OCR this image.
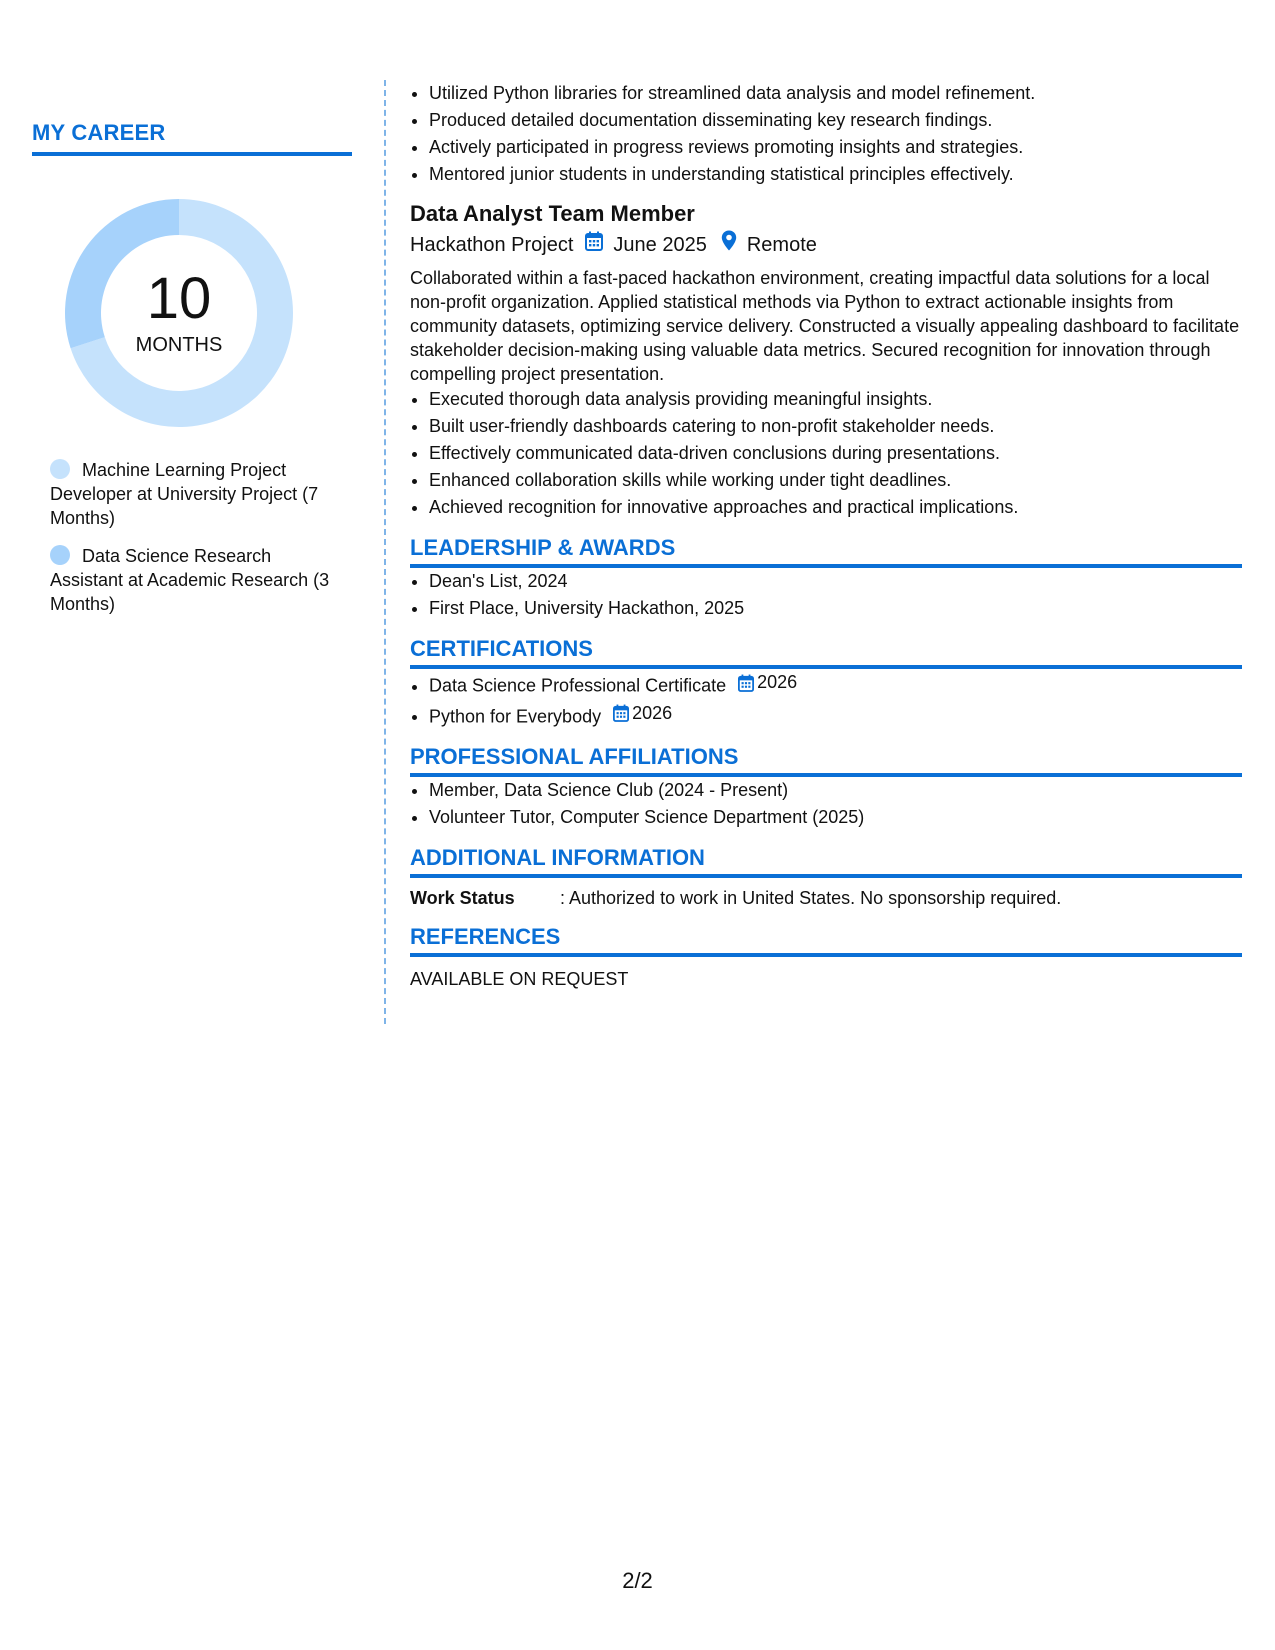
MY CAREER
10
MONTHS
Machine Learning Project Developer at University Project (7 Months)
Data Science Research Assistant at Academic Research (3 Months)
• Utilized Python libraries for streamlined data analysis and model refinement.
• Produced detailed documentation disseminating key research findings.
• Actively participated in progress reviews promoting insights and strategies.
• Mentored junior students in understanding statistical principles effectively.
Data Analyst Team Member
Hackathon Project June 2025 Remote
Collaborated within a fast-paced hackathon environment, creating impactful data solutions for a local non-profit organization. Applied statistical methods via Python to extract actionable insights from community datasets, optimizing service delivery. Constructed a visually appealing dashboard to facilitate stakeholder decision-making using valuable data metrics. Secured recognition for innovation through compelling project presentation.
• Executed thorough data analysis providing meaningful insights.
• Built user-friendly dashboards catering to non-profit stakeholder needs.
• Effectively communicated data-driven conclusions during presentations.
• Enhanced collaboration skills while working under tight deadlines.
• Achieved recognition for innovative approaches and practical implications.
LEADERSHIP & AWARDS
• Dean's List, 2024
• First Place, University Hackathon, 2025
CERTIFICATIONS
• Data Science Professional Certificate 2026
• Python for Everybody 2026
PROFESSIONAL AFFILIATIONS
• Member, Data Science Club (2024 - Present)
• Volunteer Tutor, Computer Science Department (2025)
ADDITIONAL INFORMATION
Work Status	: Authorized to work in United States. No sponsorship required.
REFERENCES
AVAILABLE ON REQUEST
2/2
